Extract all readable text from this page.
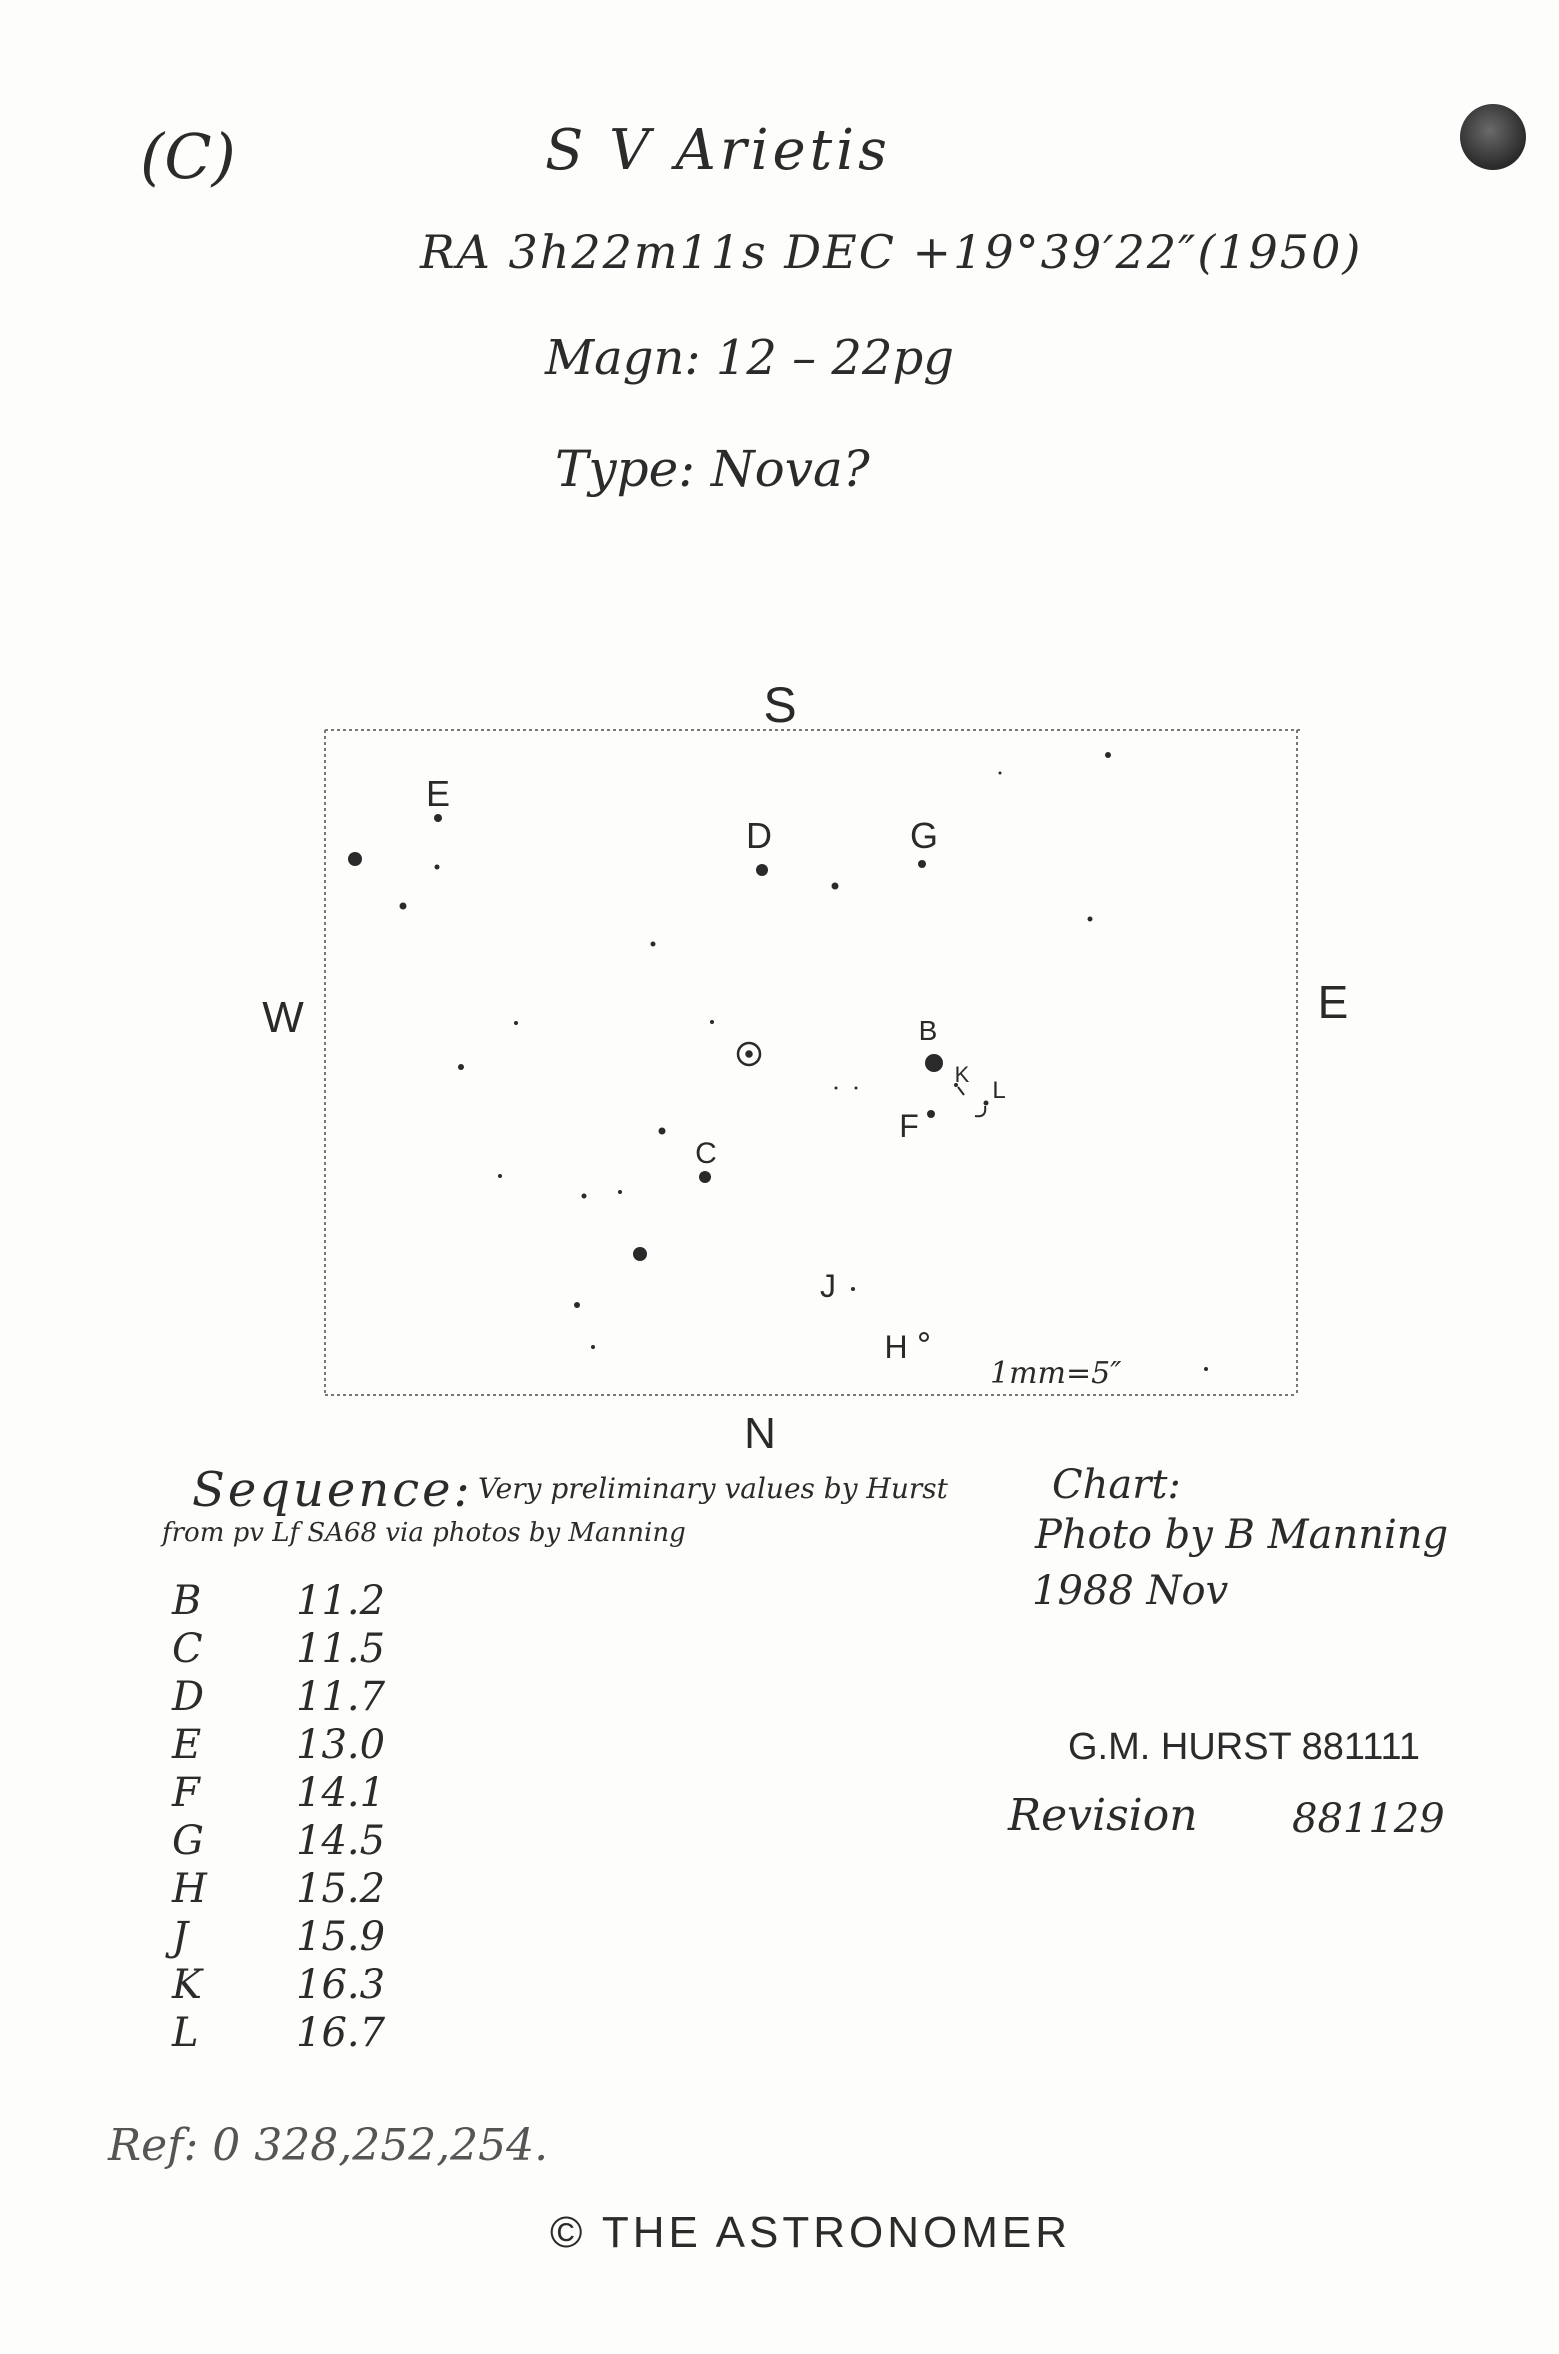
(C)	S V Arietis
RA 3h22m11s DEC +19°39′22″(1950)
Magn: 12 – 22pg
Type: Nova?
S
N
W	E
E
D	G
B
K
L
F
C
J
H
1mm=5″
Sequence: Very preliminary values by Hurst
from pv Lf SA68 via photos by Manning
B 11.2
C 11.5
D 11.7
E 13.0
F 14.1
G 14.5
H 15.2
J	15.9
K 16.3
L 16.7
Chart:
Photo by B Manning
1988 Nov
G.M. HURST 881111
Revision 881129
Ref: 0 328,252,254.
© THE ASTRONOMER
